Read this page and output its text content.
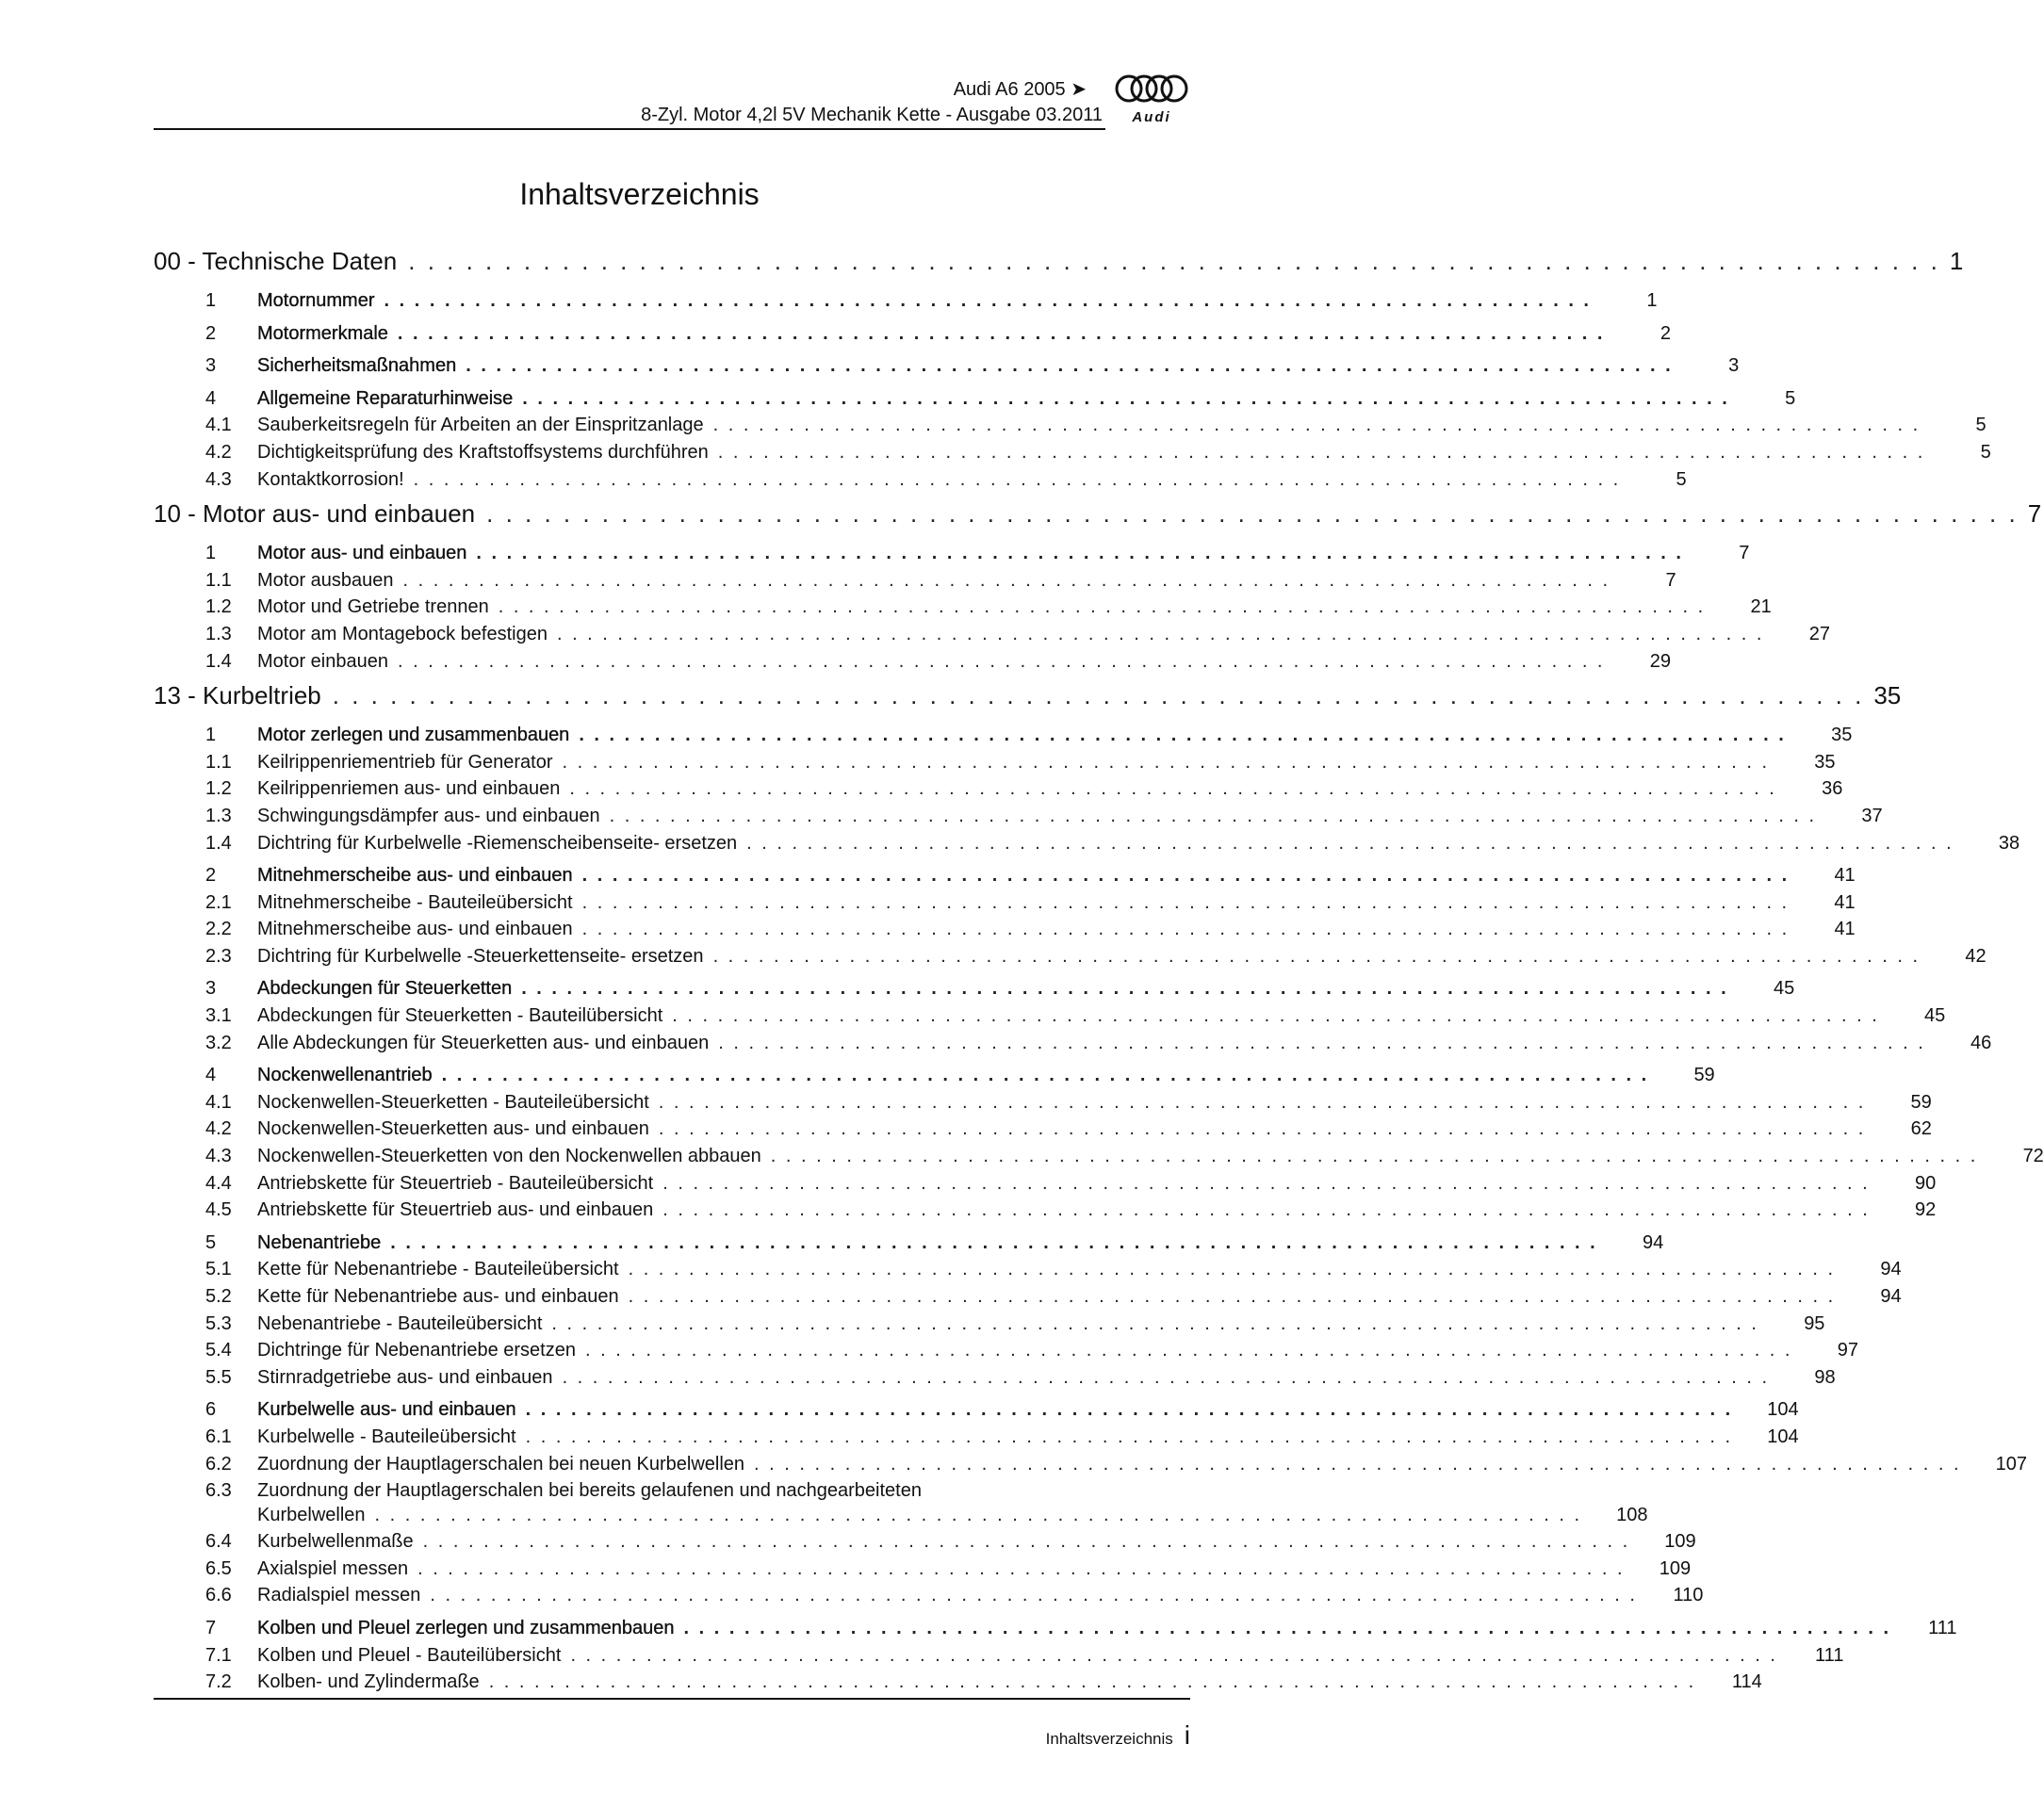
Audi A6 2005 ➤
8-Zyl. Motor 4,2l 5V Mechanik Kette - Ausgabe 03.2011	Audi
Inhaltsverzeichnis
00 - Technische Daten . . . . . . . . . . . . . . . . . . . . . . . . . . . . . . . . . . . . . . . . . . . . . . . . . . . . . . . . . . . . . . . . . . . . . . . . . . . . . . . . 1
1	Motornummer . . . . . . . . . . . . . . . . . . . . . . . . . . . . . . . . . . . . . . . . . . . . . . . . . . . . . . . . . . . . . . . . . . . . . . . . . . . . . . . .	1
2	Motormerkmale . . . . . . . . . . . . . . . . . . . . . . . . . . . . . . . . . . . . . . . . . . . . . . . . . . . . . . . . . . . . . . . . . . . . . . . . . . . . . . . .	2
3	Sicherheitsmaßnahmen . . . . . . . . . . . . . . . . . . . . . . . . . . . . . . . . . . . . . . . . . . . . . . . . . . . . . . . . . . . . . . . . . . . . . . . . . . . . . . . .	3
4	Allgemeine Reparaturhinweise . . . . . . . . . . . . . . . . . . . . . . . . . . . . . . . . . . . . . . . . . . . . . . . . . . . . . . . . . . . . . . . . . . . . . . . . . . . . . . . .	5
4.1	Sauberkeitsregeln für Arbeiten an der Einspritzanlage . . . . . . . . . . . . . . . . . . . . . . . . . . . . . . . . . . . . . . . . . . . . . . . . . . . . . . . . . . . . . . . . . . . . . . . . . . . . . . . .	5
4.2	Dichtigkeitsprüfung des Kraftstoffsystems durchführen . . . . . . . . . . . . . . . . . . . . . . . . . . . . . . . . . . . . . . . . . . . . . . . . . . . . . . . . . . . . . . . . . . . . . . . . . . . . . . . .	5
4.3	Kontaktkorrosion! . . . . . . . . . . . . . . . . . . . . . . . . . . . . . . . . . . . . . . . . . . . . . . . . . . . . . . . . . . . . . . . . . . . . . . . . . . . . . . . .	5
10 - Motor aus- und einbauen . . . . . . . . . . . . . . . . . . . . . . . . . . . . . . . . . . . . . . . . . . . . . . . . . . . . . . . . . . . . . . . . . . . . . . . . . . . . . . . . 7
1	Motor aus- und einbauen . . . . . . . . . . . . . . . . . . . . . . . . . . . . . . . . . . . . . . . . . . . . . . . . . . . . . . . . . . . . . . . . . . . . . . . . . . . . . . . .	7
1.1	Motor ausbauen . . . . . . . . . . . . . . . . . . . . . . . . . . . . . . . . . . . . . . . . . . . . . . . . . . . . . . . . . . . . . . . . . . . . . . . . . . . . . . . .	7
1.2	Motor und Getriebe trennen . . . . . . . . . . . . . . . . . . . . . . . . . . . . . . . . . . . . . . . . . . . . . . . . . . . . . . . . . . . . . . . . . . . . . . . . . . . . . . . .	21
1.3	Motor am Montagebock befestigen . . . . . . . . . . . . . . . . . . . . . . . . . . . . . . . . . . . . . . . . . . . . . . . . . . . . . . . . . . . . . . . . . . . . . . . . . . . . . . . .	27
1.4	Motor einbauen . . . . . . . . . . . . . . . . . . . . . . . . . . . . . . . . . . . . . . . . . . . . . . . . . . . . . . . . . . . . . . . . . . . . . . . . . . . . . . . .	29
13 - Kurbeltrieb . . . . . . . . . . . . . . . . . . . . . . . . . . . . . . . . . . . . . . . . . . . . . . . . . . . . . . . . . . . . . . . . . . . . . . . . . . . . . . . . 35
1	Motor zerlegen und zusammenbauen . . . . . . . . . . . . . . . . . . . . . . . . . . . . . . . . . . . . . . . . . . . . . . . . . . . . . . . . . . . . . . . . . . . . . . . . . . . . . . . .	35
1.1	Keilrippenriementrieb für Generator . . . . . . . . . . . . . . . . . . . . . . . . . . . . . . . . . . . . . . . . . . . . . . . . . . . . . . . . . . . . . . . . . . . . . . . . . . . . . . . .	35
1.2	Keilrippenriemen aus- und einbauen . . . . . . . . . . . . . . . . . . . . . . . . . . . . . . . . . . . . . . . . . . . . . . . . . . . . . . . . . . . . . . . . . . . . . . . . . . . . . . . .	36
1.3	Schwingungsdämpfer aus- und einbauen . . . . . . . . . . . . . . . . . . . . . . . . . . . . . . . . . . . . . . . . . . . . . . . . . . . . . . . . . . . . . . . . . . . . . . . . . . . . . . . .	37
1.4	Dichtring für Kurbelwelle -Riemenscheibenseite- ersetzen . . . . . . . . . . . . . . . . . . . . . . . . . . . . . . . . . . . . . . . . . . . . . . . . . . . . . . . . . . . . . . . . . . . . . . . . . . . . . . . .	38
2	Mitnehmerscheibe aus- und einbauen . . . . . . . . . . . . . . . . . . . . . . . . . . . . . . . . . . . . . . . . . . . . . . . . . . . . . . . . . . . . . . . . . . . . . . . . . . . . . . . .	41
2.1	Mitnehmerscheibe - Bauteileübersicht . . . . . . . . . . . . . . . . . . . . . . . . . . . . . . . . . . . . . . . . . . . . . . . . . . . . . . . . . . . . . . . . . . . . . . . . . . . . . . . .	41
2.2	Mitnehmerscheibe aus- und einbauen . . . . . . . . . . . . . . . . . . . . . . . . . . . . . . . . . . . . . . . . . . . . . . . . . . . . . . . . . . . . . . . . . . . . . . . . . . . . . . . .	41
2.3	Dichtring für Kurbelwelle -Steuerkettenseite- ersetzen . . . . . . . . . . . . . . . . . . . . . . . . . . . . . . . . . . . . . . . . . . . . . . . . . . . . . . . . . . . . . . . . . . . . . . . . . . . . . . . .	42
3	Abdeckungen für Steuerketten . . . . . . . . . . . . . . . . . . . . . . . . . . . . . . . . . . . . . . . . . . . . . . . . . . . . . . . . . . . . . . . . . . . . . . . . . . . . . . . .	45
3.1	Abdeckungen für Steuerketten - Bauteilübersicht . . . . . . . . . . . . . . . . . . . . . . . . . . . . . . . . . . . . . . . . . . . . . . . . . . . . . . . . . . . . . . . . . . . . . . . . . . . . . . . .	45
3.2	Alle Abdeckungen für Steuerketten aus- und einbauen . . . . . . . . . . . . . . . . . . . . . . . . . . . . . . . . . . . . . . . . . . . . . . . . . . . . . . . . . . . . . . . . . . . . . . . . . . . . . . . .	46
4	Nockenwellenantrieb . . . . . . . . . . . . . . . . . . . . . . . . . . . . . . . . . . . . . . . . . . . . . . . . . . . . . . . . . . . . . . . . . . . . . . . . . . . . . . . .	59
4.1	Nockenwellen-Steuerketten - Bauteileübersicht . . . . . . . . . . . . . . . . . . . . . . . . . . . . . . . . . . . . . . . . . . . . . . . . . . . . . . . . . . . . . . . . . . . . . . . . . . . . . . . .	59
4.2	Nockenwellen-Steuerketten aus- und einbauen . . . . . . . . . . . . . . . . . . . . . . . . . . . . . . . . . . . . . . . . . . . . . . . . . . . . . . . . . . . . . . . . . . . . . . . . . . . . . . . .	62
4.3	Nockenwellen-Steuerketten von den Nockenwellen abbauen . . . . . . . . . . . . . . . . . . . . . . . . . . . . . . . . . . . . . . . . . . . . . . . . . . . . . . . . . . . . . . . . . . . . . . . . . . . . . . . .	72
4.4	Antriebskette für Steuertrieb - Bauteileübersicht . . . . . . . . . . . . . . . . . . . . . . . . . . . . . . . . . . . . . . . . . . . . . . . . . . . . . . . . . . . . . . . . . . . . . . . . . . . . . . . .	90
4.5	Antriebskette für Steuertrieb aus- und einbauen . . . . . . . . . . . . . . . . . . . . . . . . . . . . . . . . . . . . . . . . . . . . . . . . . . . . . . . . . . . . . . . . . . . . . . . . . . . . . . . .	92
5	Nebenantriebe . . . . . . . . . . . . . . . . . . . . . . . . . . . . . . . . . . . . . . . . . . . . . . . . . . . . . . . . . . . . . . . . . . . . . . . . . . . . . . . .	94
5.1	Kette für Nebenantriebe - Bauteileübersicht . . . . . . . . . . . . . . . . . . . . . . . . . . . . . . . . . . . . . . . . . . . . . . . . . . . . . . . . . . . . . . . . . . . . . . . . . . . . . . . .	94
5.2	Kette für Nebenantriebe aus- und einbauen . . . . . . . . . . . . . . . . . . . . . . . . . . . . . . . . . . . . . . . . . . . . . . . . . . . . . . . . . . . . . . . . . . . . . . . . . . . . . . . .	94
5.3	Nebenantriebe - Bauteileübersicht . . . . . . . . . . . . . . . . . . . . . . . . . . . . . . . . . . . . . . . . . . . . . . . . . . . . . . . . . . . . . . . . . . . . . . . . . . . . . . . .	95
5.4	Dichtringe für Nebenantriebe ersetzen . . . . . . . . . . . . . . . . . . . . . . . . . . . . . . . . . . . . . . . . . . . . . . . . . . . . . . . . . . . . . . . . . . . . . . . . . . . . . . . .	97
5.5	Stirnradgetriebe aus- und einbauen . . . . . . . . . . . . . . . . . . . . . . . . . . . . . . . . . . . . . . . . . . . . . . . . . . . . . . . . . . . . . . . . . . . . . . . . . . . . . . . .	98
6	Kurbelwelle aus- und einbauen . . . . . . . . . . . . . . . . . . . . . . . . . . . . . . . . . . . . . . . . . . . . . . . . . . . . . . . . . . . . . . . . . . . . . . . . . . . . . . . .	104
6.1	Kurbelwelle - Bauteileübersicht . . . . . . . . . . . . . . . . . . . . . . . . . . . . . . . . . . . . . . . . . . . . . . . . . . . . . . . . . . . . . . . . . . . . . . . . . . . . . . . .	104
6.2	Zuordnung der Hauptlagerschalen bei neuen Kurbelwellen . . . . . . . . . . . . . . . . . . . . . . . . . . . . . . . . . . . . . . . . . . . . . . . . . . . . . . . . . . . . . . . . . . . . . . . . . . . . . . . .	107
6.3	Zuordnung der Hauptlagerschalen bei bereits gelaufenen und nachgearbeiteten
Kurbelwellen . . . . . . . . . . . . . . . . . . . . . . . . . . . . . . . . . . . . . . . . . . . . . . . . . . . . . . . . . . . . . . . . . . . . . . . . . . . . . . . .	108
6.4	Kurbelwellenmaße . . . . . . . . . . . . . . . . . . . . . . . . . . . . . . . . . . . . . . . . . . . . . . . . . . . . . . . . . . . . . . . . . . . . . . . . . . . . . . . .	109
6.5	Axialspiel messen . . . . . . . . . . . . . . . . . . . . . . . . . . . . . . . . . . . . . . . . . . . . . . . . . . . . . . . . . . . . . . . . . . . . . . . . . . . . . . . .	109
6.6	Radialspiel messen . . . . . . . . . . . . . . . . . . . . . . . . . . . . . . . . . . . . . . . . . . . . . . . . . . . . . . . . . . . . . . . . . . . . . . . . . . . . . . . .	110
7	Kolben und Pleuel zerlegen und zusammenbauen . . . . . . . . . . . . . . . . . . . . . . . . . . . . . . . . . . . . . . . . . . . . . . . . . . . . . . . . . . . . . . . . . . . . . . . . . . . . . . . .	111
7.1	Kolben und Pleuel - Bauteilübersicht . . . . . . . . . . . . . . . . . . . . . . . . . . . . . . . . . . . . . . . . . . . . . . . . . . . . . . . . . . . . . . . . . . . . . . . . . . . . . . . .	111
7.2	Kolben- und Zylindermaße . . . . . . . . . . . . . . . . . . . . . . . . . . . . . . . . . . . . . . . . . . . . . . . . . . . . . . . . . . . . . . . . . . . . . . . . . . . . . . . .	114
Inhaltsverzeichnis i
